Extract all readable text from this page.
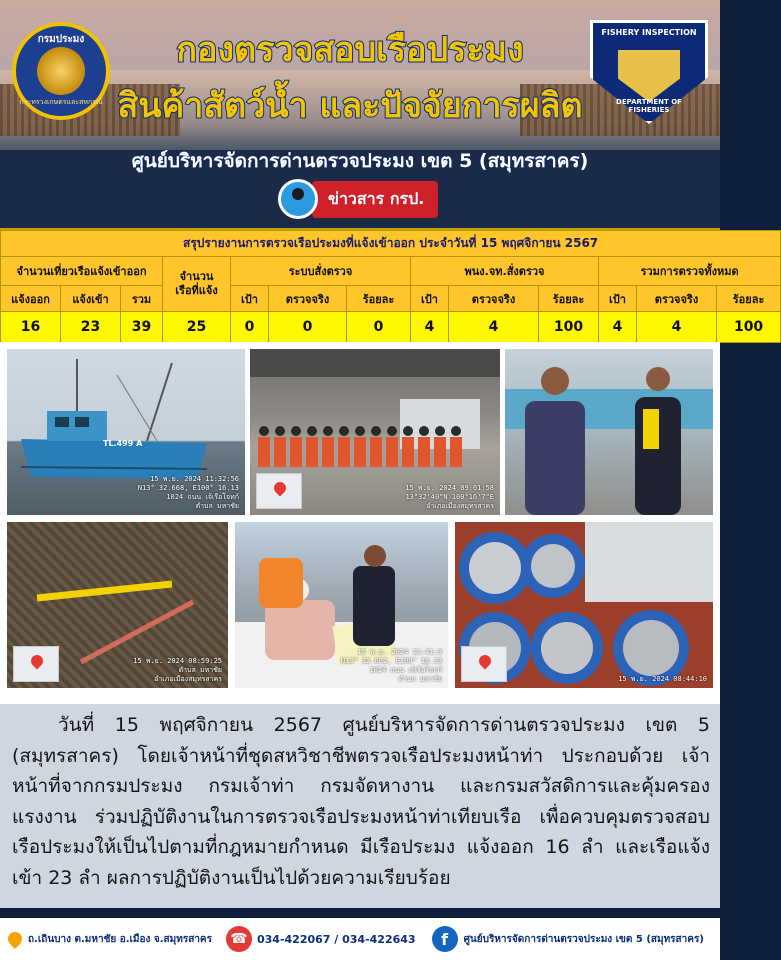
กรมประมง
กระทรวงเกษตรและสหกรณ์
FISHERY INSPECTION
DEPARTMENT OF FISHERIES
กองตรวจสอบเรือประมง
สินค้าสัตว์น้ำ และปัจจัยการผลิต
ศูนย์บริหารจัดการด่านตรวจประมง เขต 5 (สมุทรสาคร)
ข่าวสาร กรป.
สรุปรายงานการตรวจเรือประมงที่แจ้งเข้าออก ประจำวันที่ 15 พฤศจิกายน 2567												
จำนวนเที่ยวเรือแจ้งเข้าออก			จำนวน
เรือที่แจ้ง	ระบบสั่งตรวจ			พนง.จท.สั่งตรวจ			รวมการตรวจทั้งหมด		
แจ้งออก	แจ้งเข้า	รวม		เป้า	ตรวจจริง	ร้อยละ	เป้า	ตรวจจริง	ร้อยละ	เป้า	ตรวจจริง	ร้อยละ
16	23	39	25	0	0	0	4	4	100	4	4	100
TL.499 A
15 พ.ย. 2024 11:32:56
N13° 32.668, E100° 16.13
1024 ถนน เจ้เรือโจทก์
ตำบล มหาชัย
15 พ.ย. 2024 09:01:58
13°32'40"N 100°16'7"E
อำเภอเมืองสมุทรสาคร
15 พ.ย. 2024 08:59:25
ตำบล มหาชัย
อำเภอเมืองสมุทรสาคร
15 พ.ย. 2024 11:41:3
N13° 32.662, E100° 16.13
1024 ถนน เจ้เรือโจทก์
ตำบล มหาชัย	15 พ.ย. 2024 08:44:10

วันที่ 15 พฤศจิกายน 2567 ศูนย์บริหารจัดการด่านตรวจประมง เขต 5 (สมุทรสาคร) โดยเจ้าหน้าที่ชุดสหวิชาชีพตรวจเรือประมงหน้าท่า ประกอบด้วย เจ้าหน้าที่จากกรมประมง กรมเจ้าท่า กรมจัดหางาน และกรมสวัสดิการและคุ้มครองแรงงาน ร่วมปฏิบัติงานในการตรวจเรือประมงหน้าท่าเทียบเรือ เพื่อควบคุมตรวจสอบเรือประมงให้เป็นไปตามที่กฎหมายกำหนด มีเรือประมง แจ้งออก 16 ลำ และเรือแจ้งเข้า 23 ลำ ผลการปฏิบัติงานเป็นไปด้วยความเรียบร้อย

ถ.เถินบาง ต.มหาชัย อ.เมือง จ.สมุทรสาคร	☎ 034-422067 / 034-422643	f	ศูนย์บริหารจัดการด่านตรวจประมง เขต 5 (สมุทรสาคร)
